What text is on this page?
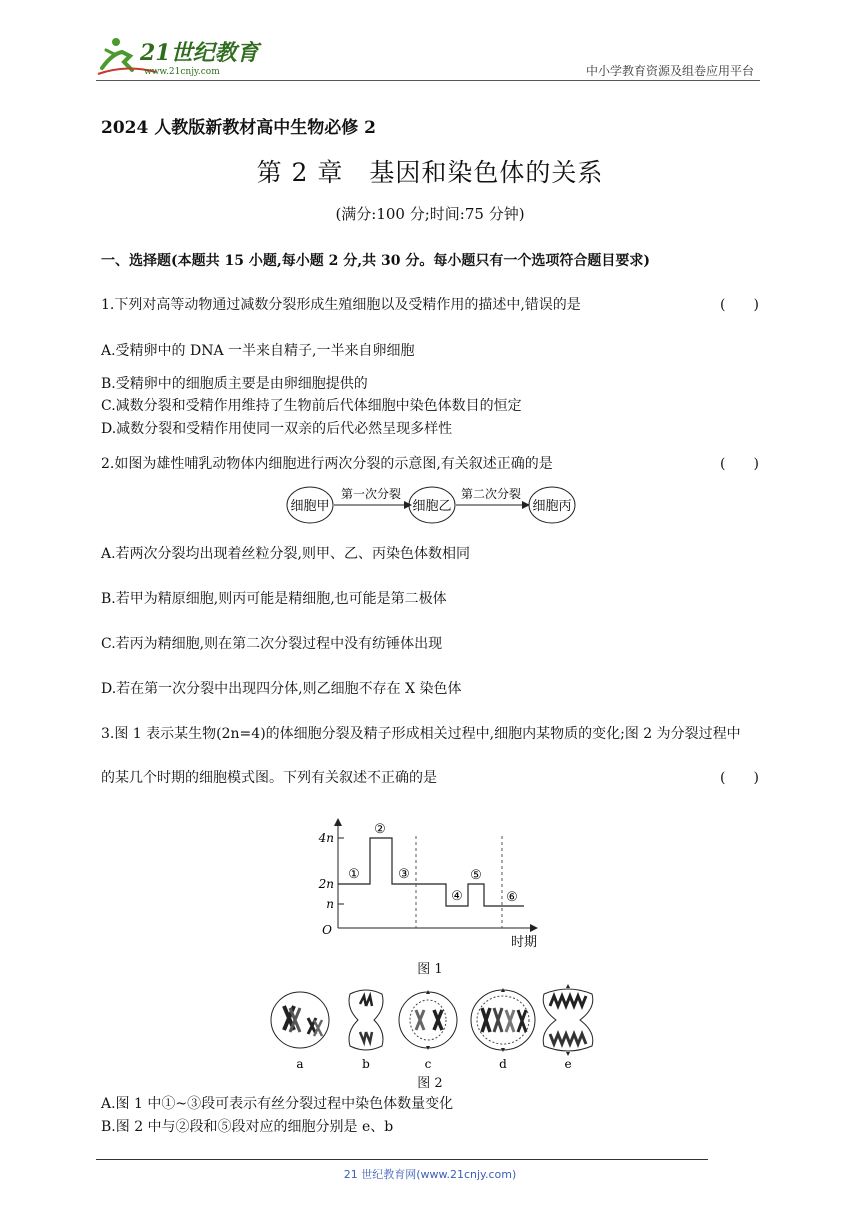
21世纪教育
www.21cnjy.com	中小学教育资源及组卷应用平台
2024 人教版新教材高中生物必修 2
第 2 章　基因和染色体的关系
(满分:100 分;时间:75 分钟)
一、选择题(本题共 15 小题,每小题 2 分,共 30 分。每小题只有一个选项符合题目要求)
1.下列对高等动物通过减数分裂形成生殖细胞以及受精作用的描述中,错误的是	(　　)
A.受精卵中的 DNA 一半来自精子,一半来自卵细胞
B.受精卵中的细胞质主要是由卵细胞提供的
C.减数分裂和受精作用维持了生物前后代体细胞中染色体数目的恒定
D.减数分裂和受精作用使同一双亲的后代必然呈现多样性
2.如图为雄性哺乳动物体内细胞进行两次分裂的示意图,有关叙述正确的是	(　　)
细胞甲
第一次分裂
细胞乙
第二次分裂
细胞丙
A.若两次分裂均出现着丝粒分裂,则甲、乙、丙染色体数相同
B.若甲为精原细胞,则丙可能是精细胞,也可能是第二极体
C.若丙为精细胞,则在第二次分裂过程中没有纺锤体出现
D.若在第一次分裂中出现四分体,则乙细胞不存在 X 染色体
3.图 1 表示某生物(2n=4)的体细胞分裂及精子形成相关过程中,细胞内某物质的变化;图 2 为分裂过程中
的某几个时期的细胞模式图。下列有关叙述不正确的是	(　　)
4n
2n
n
O
①
②
③
④
⑤
⑥
时期
图 1
a	b	c	d	e
图 2
A.图 1 中①~③段可表示有丝分裂过程中染色体数量变化
B.图 2 中与②段和⑤段对应的细胞分别是 e、b
21 世纪教育网(www.21cnjy.com)
